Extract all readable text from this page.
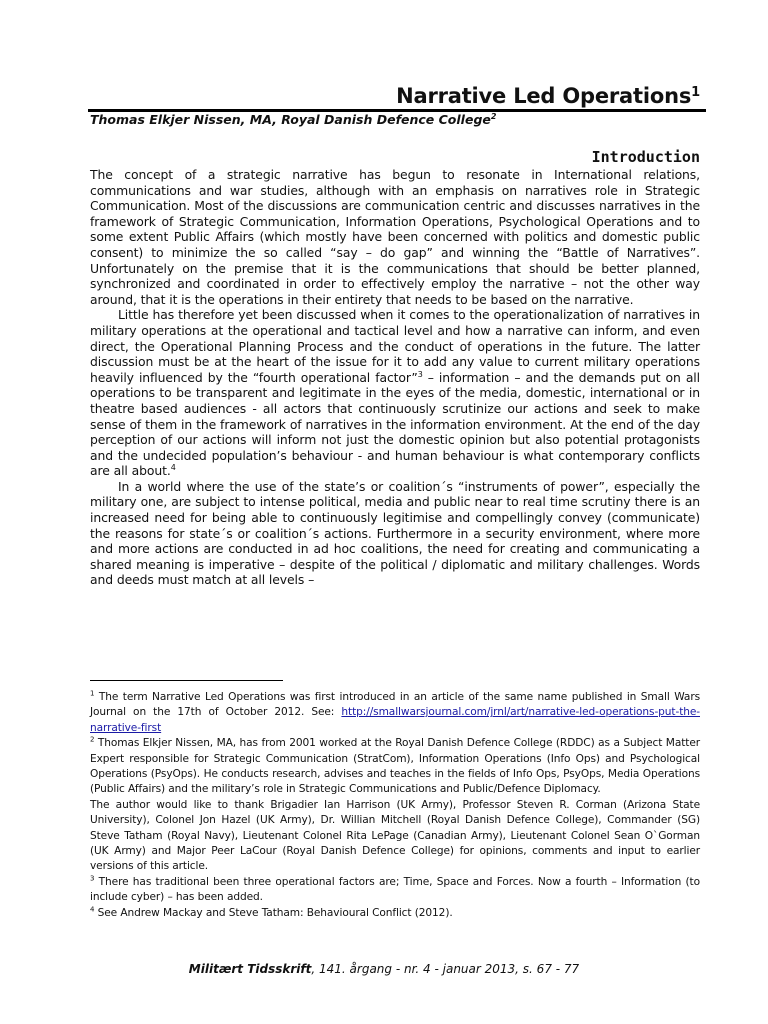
Narrative Led Operations$^1$
Thomas Elkjer Nissen, MA, Royal Danish Defence College$^2$
Introduction

The concept of a strategic narrative has begun to resonate in International relations, communications and war studies, although with an emphasis on narratives role in Strategic Communication. Most of the discussions are communication centric and discusses narratives in the framework of Strategic Communication, Information Operations, Psychological Operations and to some extent Public Affairs (which mostly have been concerned with politics and domestic public consent) to minimize the so called “say – do gap” and winning the “Battle of Narratives”. Unfortunately on the premise that it is the communications that should be better planned, synchronized and coordinated in order to effectively employ the narrative – not the other way around, that it is the operations in their entirety that needs to be based on the narrative.

Little has therefore yet been discussed when it comes to the operationalization of narratives in military operations at the operational and tactical level and how a narrative can inform, and even direct, the Operational Planning Process and the conduct of operations in the future. The latter discussion must be at the heart of the issue for it to add any value to current military operations heavily influenced by the “fourth operational factor”$^3$ – information – and the demands put on all operations to be transparent and legitimate in the eyes of the media, domestic, international or in theatre based audiences - all actors that continuously scrutinize our actions and seek to make sense of them in the framework of narratives in the information environment. At the end of the day perception of our actions will inform not just the domestic opinion but also potential protagonists and the undecided population’s behaviour - and human behaviour is what contemporary conflicts are all about.$^4$

In a world where the use of the state’s or coalition´s “instruments of power”, especially the military one, are subject to intense political, media and public near to real time scrutiny there is an increased need for being able to continuously legitimise and compellingly convey (communicate) the reasons for state´s or coalition´s actions. Furthermore in a security environment, where more and more actions are conducted in ad hoc coalitions, the need for creating and communicating a shared meaning is imperative – despite of the political / diplomatic and military challenges. Words and deeds must match at all levels –

$^1$ The term Narrative Led Operations was first introduced in an article of the same name published in Small Wars Journal on the 17th of October 2012. See: http://smallwarsjournal.com/jrnl/art/narrative-led-operations-put-the-narrative-first

$^2$ Thomas Elkjer Nissen, MA, has from 2001 worked at the Royal Danish Defence College (RDDC) as a Subject Matter Expert responsible for Strategic Communication (StratCom), Information Operations (Info Ops) and Psychological Operations (PsyOps). He conducts research, advises and teaches in the fields of Info Ops, PsyOps, Media Operations (Public Affairs) and the military’s role in Strategic Communications and Public/Defence Diplomacy.

The author would like to thank Brigadier Ian Harrison (UK Army), Professor Steven R. Corman (Arizona State University), Colonel Jon Hazel (UK Army), Dr. Willian Mitchell (Royal Danish Defence College), Commander (SG) Steve Tatham (Royal Navy), Lieutenant Colonel Rita LePage (Canadian Army), Lieutenant Colonel Sean O`Gorman (UK Army) and Major Peer LaCour (Royal Danish Defence College) for opinions, comments and input to earlier versions of this article.

$^3$ There has traditional been three operational factors are; Time, Space and Forces. Now a fourth – Information (to include cyber) – has been added.

$^4$ See Andrew Mackay and Steve Tatham: Behavioural Conflict (2012).

Militært Tidsskrift, 141. årgang - nr. 4 - januar 2013, s. 67 - 77
